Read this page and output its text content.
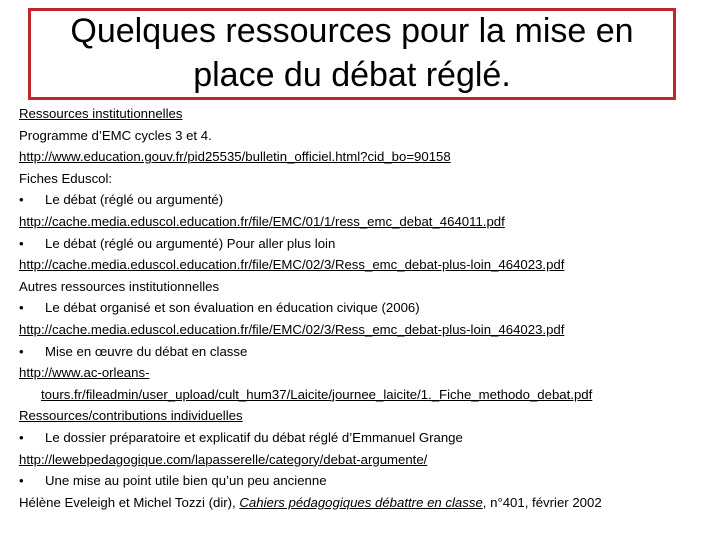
Quelques ressources pour la mise en
place du débat réglé.
Ressources institutionnelles
Programme d’EMC cycles 3 et 4.
http://www.education.gouv.fr/pid25535/bulletin_officiel.html?cid_bo=90158
Fiches Eduscol:
• Le débat (réglé ou argumenté)
http://cache.media.eduscol.education.fr/file/EMC/01/1/ress_emc_debat_464011.pdf
• Le débat (réglé ou argumenté) Pour aller plus loin
http://cache.media.eduscol.education.fr/file/EMC/02/3/Ress_emc_debat-plus-loin_464023.pdf
Autres ressources institutionnelles
• Le débat organisé et son évaluation en éducation civique (2006)
http://cache.media.eduscol.education.fr/file/EMC/02/3/Ress_emc_debat-plus-loin_464023.pdf
• Mise en œuvre du débat en classe
http://www.ac-orleans-
tours.fr/fileadmin/user_upload/cult_hum37/Laicite/journee_laicite/1._Fiche_methodo_debat.pdf
Ressources/contributions individuelles
• Le dossier préparatoire et explicatif du débat réglé d’Emmanuel Grange
http://lewebpedagogique.com/lapasserelle/category/debat-argumente/
• Une mise au point utile bien qu’un peu ancienne
Hélène Eveleigh et Michel Tozzi (dir), Cahiers pédagogiques débattre en classe, n°401, février 2002
